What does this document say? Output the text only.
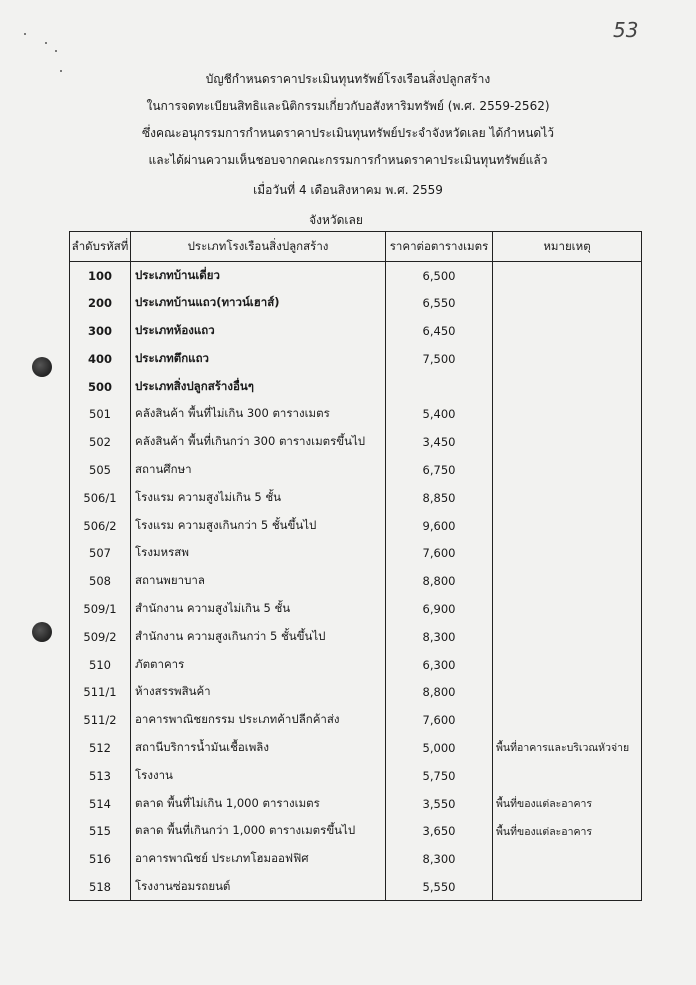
53
บัญชีกำหนดราคาประเมินทุนทรัพย์โรงเรือนสิ่งปลูกสร้าง
ในการจดทะเบียนสิทธิและนิติกรรมเกี่ยวกับอสังหาริมทรัพย์ (พ.ศ. 2559-2562)
ซึ่งคณะอนุกรรมการกำหนดราคาประเมินทุนทรัพย์ประจำจังหวัดเลย ได้กำหนดไว้
และได้ผ่านความเห็นชอบจากคณะกรรมการกำหนดราคาประเมินทุนทรัพย์แล้ว
เมื่อวันที่ 4 เดือนสิงหาคม พ.ศ. 2559
จังหวัดเลย
ลำดับรหัสที่	ประเภทโรงเรือนสิ่งปลูกสร้าง	ราคาต่อตารางเมตร	หมายเหตุ
100	ประเภทบ้านเดี่ยว	6,500	
200	ประเภทบ้านแถว(ทาวน์เฮาส์)	6,550	
300	ประเภทห้องแถว	6,450	
400	ประเภทตึกแถว	7,500	
500	ประเภทสิ่งปลูกสร้างอื่นๆ		
501	คลังสินค้า พื้นที่ไม่เกิน 300 ตารางเมตร	5,400	
502	คลังสินค้า พื้นที่เกินกว่า 300 ตารางเมตรขึ้นไป	3,450	
505	สถานศึกษา	6,750	
506/1	โรงแรม ความสูงไม่เกิน 5 ชั้น	8,850	
506/2	โรงแรม ความสูงเกินกว่า 5 ชั้นขึ้นไป	9,600	
507	โรงมหรสพ	7,600	
508	สถานพยาบาล	8,800	
509/1	สำนักงาน ความสูงไม่เกิน 5 ชั้น	6,900	
509/2	สำนักงาน ความสูงเกินกว่า 5 ชั้นขึ้นไป	8,300	
510	ภัตตาคาร	6,300	
511/1	ห้างสรรพสินค้า	8,800	
511/2	อาคารพาณิชยกรรม ประเภทค้าปลีกค้าส่ง	7,600	
512	สถานีบริการน้ำมันเชื้อเพลิง	5,000	พื้นที่อาคารและบริเวณหัวจ่าย
513	โรงงาน	5,750	
514	ตลาด พื้นที่ไม่เกิน 1,000 ตารางเมตร	3,550	พื้นที่ของแต่ละอาคาร
515	ตลาด พื้นที่เกินกว่า 1,000 ตารางเมตรขึ้นไป	3,650	พื้นที่ของแต่ละอาคาร
516	อาคารพาณิชย์ ประเภทโฮมออฟฟิศ	8,300	
518	โรงงานซ่อมรถยนต์	5,550	
